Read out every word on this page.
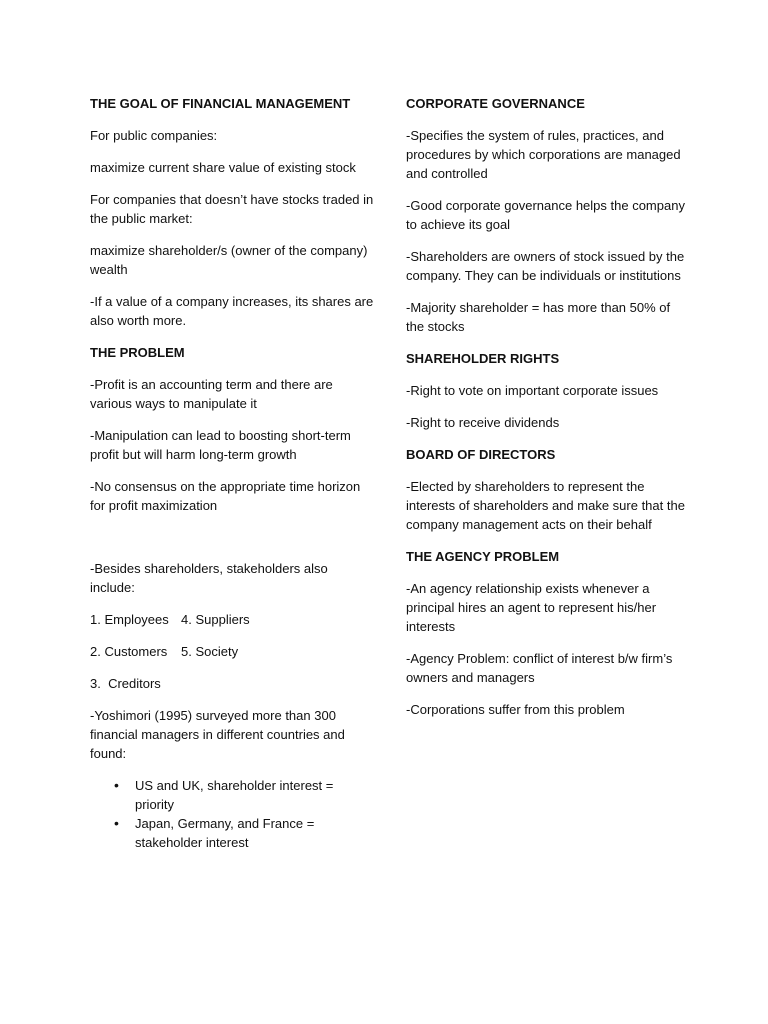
THE GOAL OF FINANCIAL MANAGEMENT

For public companies:

maximize current share value of existing stock

For companies that doesn’t have stocks traded in the public market:

maximize shareholder/s (owner of the company) wealth

-If a value of a company increases, its shares are also worth more.

THE PROBLEM

-Profit is an accounting term and there are various ways to manipulate it

-Manipulation can lead to boosting short-term profit but will harm long-term growth

-No consensus on the appropriate time horizon for profit maximization

-Besides shareholders, stakeholders also include:

1. Employees 4. Suppliers
2. Customers	5. Society
3.  Creditors

-Yoshimori (1995) surveyed more than 300 financial managers in different countries and found:

• US and UK, shareholder interest = priority
• Japan, Germany, and France = stakeholder interest

CORPORATE GOVERNANCE

-Specifies the system of rules, practices, and procedures by which corporations are managed and controlled

-Good corporate governance helps the company to achieve its goal

-Shareholders are owners of stock issued by the company. They can be individuals or institutions

-Majority shareholder = has more than 50% of the stocks

SHAREHOLDER RIGHTS

-Right to vote on important corporate issues

-Right to receive dividends

BOARD OF DIRECTORS

-Elected by shareholders to represent the interests of shareholders and make sure that the company management acts on their behalf

THE AGENCY PROBLEM

-An agency relationship exists whenever a principal hires an agent to represent his/her interests

-Agency Problem: conflict of interest b/w firm’s owners and managers

-Corporations suffer from this problem
